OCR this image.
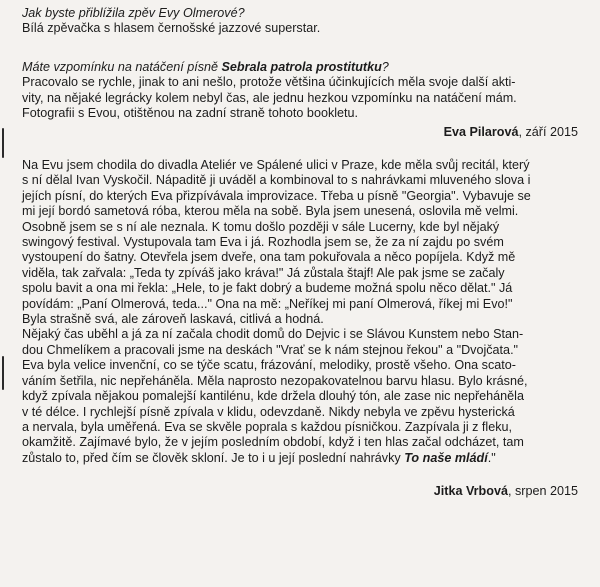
Jak byste přiblížila zpěv Evy Olmerové?

Bílá zpěvačka s hlasem černošské jazzové superstar.

Máte vzpomínku na natáčení písně Sebrala patrola prostitutku?

Pracovalo se rychle, jinak to ani nešlo, protože většina účinkujících měla svoje další akti-

vity, na nějaké legrácky kolem nebyl čas, ale jednu hezkou vzpomínku na natáčení mám.

Fotografii s Evou, otištěnou na zadní straně tohoto bookletu.

Eva Pilarová, září 2015

Na Evu jsem chodila do divadla Ateliér ve Spálené ulici v Praze, kde měla svůj recitál, který

s ní dělal Ivan Vyskočil. Nápaditě ji uváděl a kombinoval to s nahrávkami mluveného slova i

jejích písní, do kterých Eva přizpívávala improvizace. Třeba u písně "Georgia". Vybavuje se

mi její bordó sametová róba, kterou měla na sobě. Byla jsem unesená, oslovila mě velmi.

Osobně jsem se s ní ale neznala. K tomu došlo později v sále Lucerny, kde byl nějaký

swingový festival. Vystupovala tam Eva i já. Rozhodla jsem se, že za ní zajdu po svém

vystoupení do šatny. Otevřela jsem dveře, ona tam pokuřovala a něco popíjela. Když mě

viděla, tak zařvala: „Teda ty zpíváš jako kráva!" Já zůstala štajf! Ale pak jsme se začaly

spolu bavit a ona mi řekla: „Hele, to je fakt dobrý a budeme možná spolu něco dělat." Já

povídám: „Paní Olmerová, teda..." Ona na mě: „Neříkej mi paní Olmerová, říkej mi Evo!"

Byla strašně svá, ale zároveň laskavá, citlivá a hodná.

Nějaký čas uběhl a já za ní začala chodit domů do Dejvic i se Slávou Kunstem nebo Stan-

dou Chmelíkem a pracovali jsme na deskách "Vrať se k nám stejnou řekou" a "Dvojčata."

Eva byla velice invenční, co se týče scatu, frázování, melodiky, prostě všeho. Ona scato-

váním šetřila, nic nepřeháněla. Měla naprosto nezopakovatelnou barvu hlasu. Bylo krásné,

když zpívala nějakou pomalejší kantilénu, kde držela dlouhý tón, ale zase nic nepřeháněla

v té délce. I rychlejší písně zpívala v klidu, odevzdaně. Nikdy nebyla ve zpěvu hysterická

a nervala, byla uměřená. Eva se skvěle poprala s každou písničkou. Zazpívala ji z fleku,

okamžitě. Zajímavé bylo, že v jejím posledním období, když i ten hlas začal odcházet, tam

zůstalo to, před čím se člověk skloní. Je to i u její poslední nahrávky To naše mládí."

Jitka Vrbová, srpen 2015
